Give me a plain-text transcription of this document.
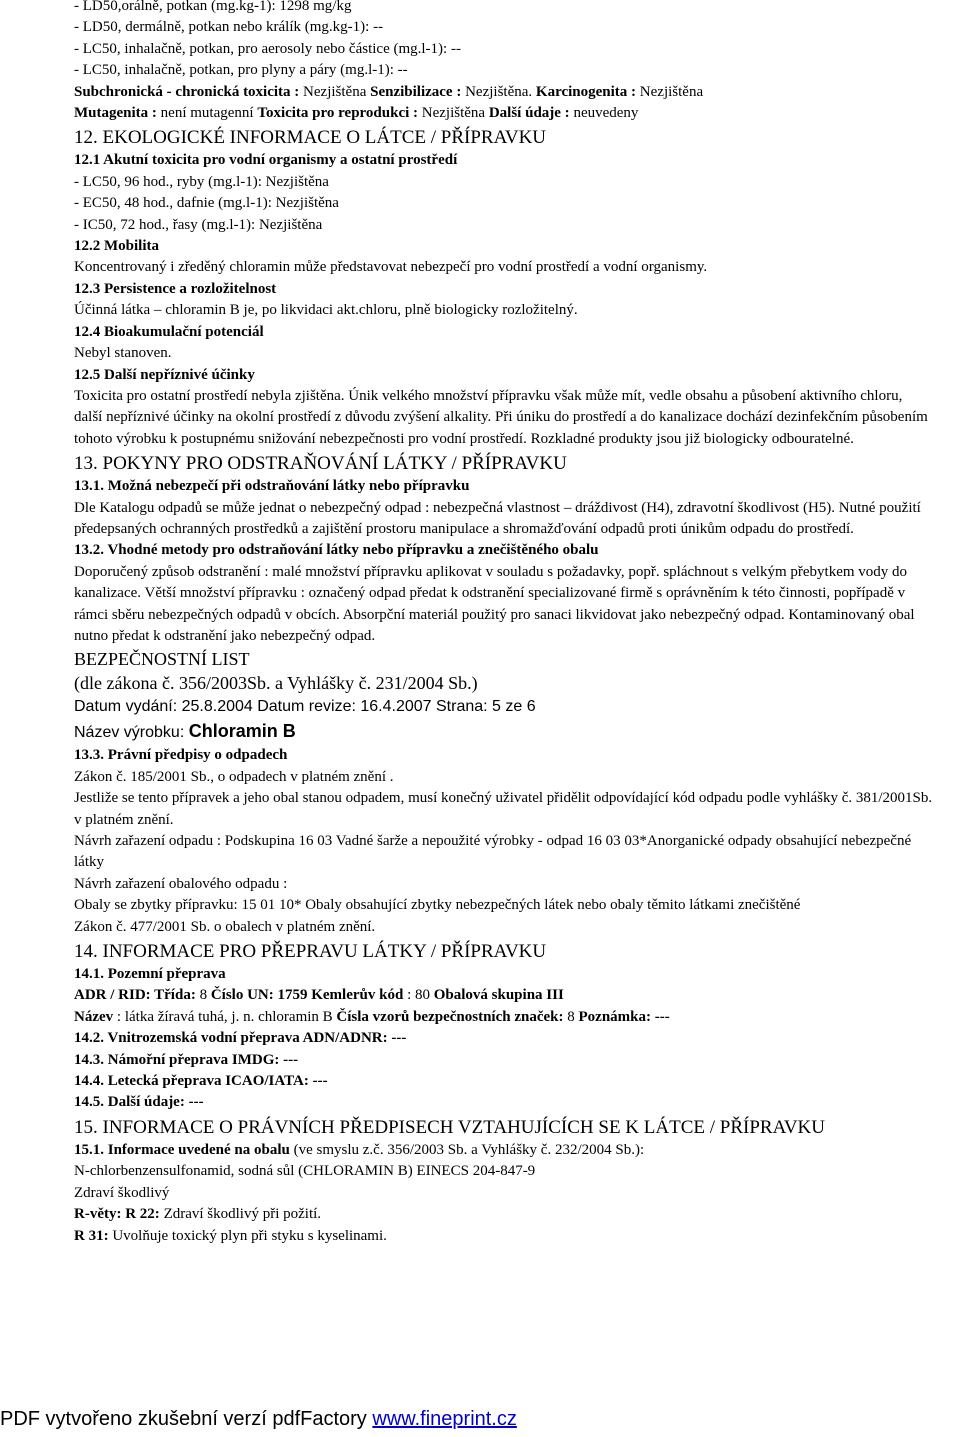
- LD50,orálně, potkan (mg.kg-1): 1298 mg/kg
- LD50, dermálně, potkan nebo králík (mg.kg-1): --
- LC50, inhalačně, potkan, pro aerosoly nebo částice (mg.l-1): --
- LC50, inhalačně, potkan, pro plyny a páry (mg.l-1): --
Subchronická - chronická toxicita : Nezjištěna Senzibilizace : Nezjištěna. Karcinogenita : Nezjištěna
Mutagenita : není mutagenní Toxicita pro reprodukci : Nezjištěna Další údaje : neuvedeny
12. EKOLOGICKÉ INFORMACE O LÁTCE / PŘÍPRAVKU
12.1 Akutní toxicita pro vodní organismy a ostatní prostředí
- LC50, 96 hod., ryby (mg.l-1): Nezjištěna
- EC50, 48 hod., dafnie (mg.l-1): Nezjištěna
- IC50, 72 hod., řasy (mg.l-1): Nezjištěna
12.2 Mobilita
Koncentrovaný i zředěný chloramin může představovat nebezpečí pro vodní prostředí a vodní organismy.
12.3 Persistence a rozložitelnost
Účinná látka – chloramin B je, po likvidaci akt.chloru, plně biologicky rozložitelný.
12.4 Bioakumulační potenciál
Nebyl stanoven.
12.5 Další nepříznivé účinky
Toxicita pro ostatní prostředí nebyla zjištěna. Únik velkého množství přípravku však může mít, vedle obsahu a působení aktivního chloru, další nepříznivé účinky na okolní prostředí z důvodu zvýšení alkality. Při úniku do prostředí a do kanalizace dochází dezinfekčním působením tohoto výrobku k postupnému snižování nebezpečnosti pro vodní prostředí. Rozkladné produkty jsou již biologicky odbouratelné.
13. POKYNY PRO ODSTRAŇOVÁNÍ LÁTKY / PŘÍPRAVKU
13.1. Možná nebezpečí při odstraňování látky nebo přípravku
Dle Katalogu odpadů se může jednat o nebezpečný odpad : nebezpečná vlastnost – dráždivost (H4), zdravotní škodlivost (H5). Nutné použití předepsaných ochranných prostředků a zajištění prostoru manipulace a shromažďování odpadů proti únikům odpadu do prostředí.
13.2. Vhodné metody pro odstraňování látky nebo přípravku a znečištěného obalu
Doporučený způsob odstranění : malé množství přípravku aplikovat v souladu s požadavky, popř. spláchnout s velkým přebytkem vody do kanalizace. Větší množství přípravku : označený odpad předat k odstranění specializované firmě s oprávněním k této činnosti, popřípadě v rámci sběru nebezpečných odpadů v obcích. Absorpční materiál použitý pro sanaci likvidovat jako nebezpečný odpad. Kontaminovaný obal nutno předat k odstranění jako nebezpečný odpad.
BEZPEČNOSTNÍ LIST
(dle zákona č. 356/2003Sb. a Vyhlášky č. 231/2004 Sb.)
Datum vydání: 25.8.2004 Datum revize: 16.4.2007 Strana: 5 ze 6
Název výrobku: Chloramin B
13.3. Právní předpisy o odpadech
Zákon č. 185/2001 Sb., o odpadech v platném znění .
Jestliže se tento přípravek a jeho obal stanou odpadem, musí konečný uživatel přidělit odpovídající kód odpadu podle vyhlášky č. 381/2001Sb. v platném znění.
Návrh zařazení odpadu : Podskupina 16 03 Vadné šarže a nepoužité výrobky - odpad 16 03 03*Anorganické odpady obsahující nebezpečné látky
Návrh zařazení obalového odpadu :
Obaly se zbytky přípravku: 15 01 10* Obaly obsahující zbytky nebezpečných látek nebo obaly těmito látkami znečištěné
Zákon č. 477/2001 Sb. o obalech v platném znění.
14. INFORMACE PRO PŘEPRAVU LÁTKY / PŘÍPRAVKU
14.1. Pozemní přeprava
ADR / RID: Třída: 8 Číslo UN: 1759 Kemlerův kód : 80 Obalová skupina III
Název : látka žíravá tuhá, j. n. chloramin B Čísla vzorů bezpečnostních značek: 8 Poznámka: ---
14.2. Vnitrozemská vodní přeprava ADN/ADNR: ---
14.3. Námořní přeprava IMDG: ---
14.4. Letecká přeprava ICAO/IATA: ---
14.5. Další údaje: ---
15. INFORMACE O PRÁVNÍCH PŘEDPISECH VZTAHUJÍCÍCH SE K LÁTCE / PŘÍPRAVKU
15.1. Informace uvedené na obalu (ve smyslu z.č. 356/2003 Sb. a Vyhlášky č. 232/2004 Sb.):
N-chlorbenzensulfonamid, sodná sůl (CHLORAMIN B) EINECS 204-847-9
Zdraví škodlivý
R-věty: R 22: Zdraví škodlivý při požití.
R 31: Uvolňuje toxický plyn při styku s kyselinami.
PDF vytvořeno zkušební verzí pdfFactory www.fineprint.cz
